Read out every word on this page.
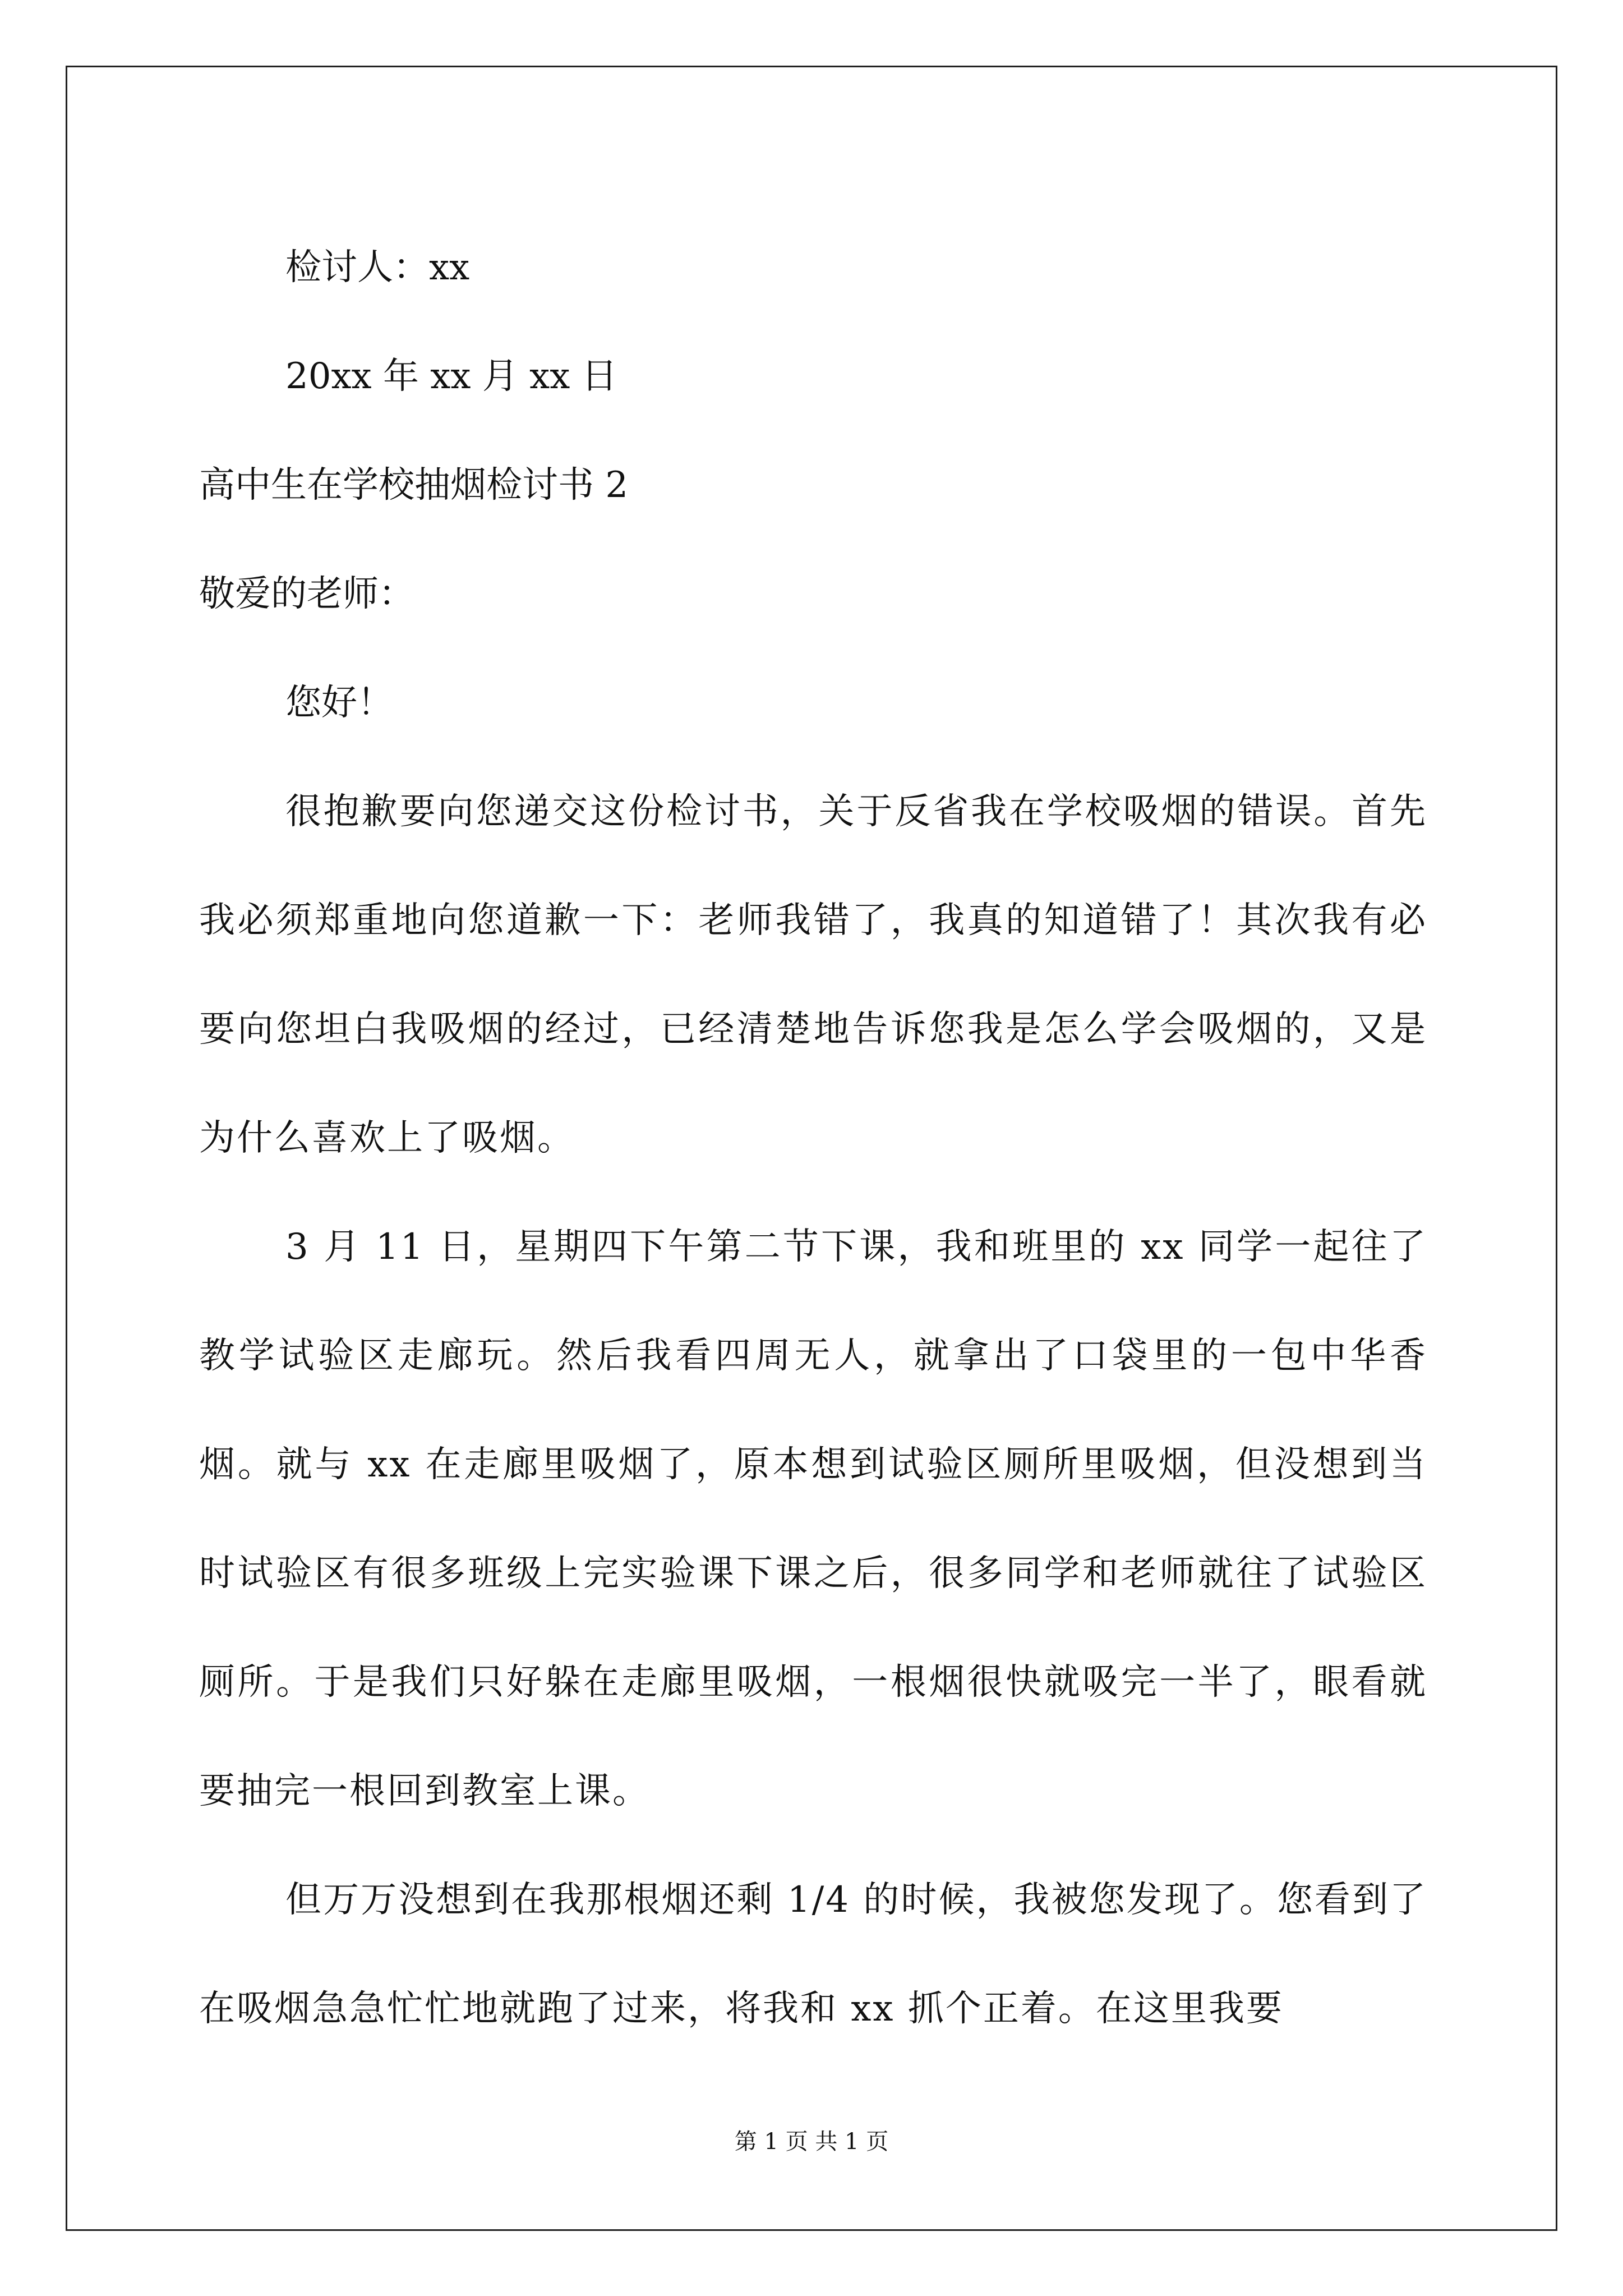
检讨人：xx

20xx 年 xx 月 xx 日

高中生在学校抽烟检讨书 2

敬爱的老师：

您好！

很抱歉要向您递交这份检讨书，关于反省我在学校吸烟的错误。首先我必须郑重地向您道歉一下：老师我错了，我真的知道错了！其次我有必要向您坦白我吸烟的经过，已经清楚地告诉您我是怎么学会吸烟的，又是为什么喜欢上了吸烟。

3 月 11 日，星期四下午第二节下课，我和班里的 xx 同学一起往了教学试验区走廊玩。然后我看四周无人，就拿出了口袋里的一包中华香烟。就与 xx 在走廊里吸烟了，原本想到试验区厕所里吸烟，但没想到当时试验区有很多班级上完实验课下课之后，很多同学和老师就往了试验区厕所。于是我们只好躲在走廊里吸烟，一根烟很快就吸完一半了，眼看就要抽完一根回到教室上课。

但万万没想到在我那根烟还剩 1/4 的时候，我被您发现了。您看到了在吸烟急急忙忙地就跑了过来，将我和 xx 抓个正着。在这里我要

第 1 页 共 1 页
